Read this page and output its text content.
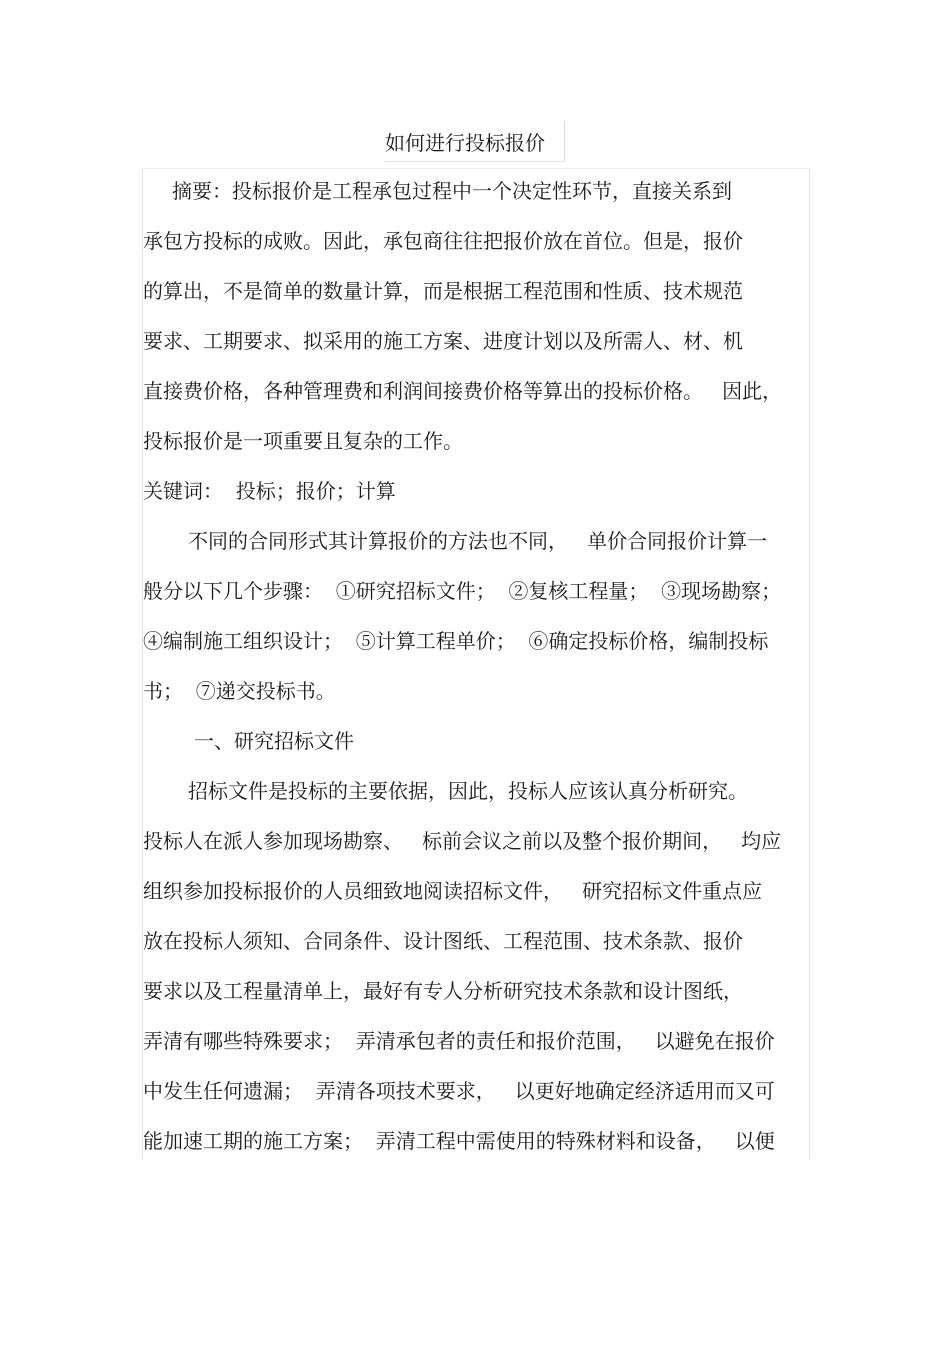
如何进行投标报价
摘要：投标报价是工程承包过程中一个决定性环节，直接关系到
承包方投标的成败。因此，承包商往往把报价放在首位。但是，报价
的算出，不是简单的数量计算，而是根据工程范围和性质、技术规范
要求、工期要求、拟采用的施工方案、进度计划以及所需人、材、机
直接费价格，各种管理费和利润间接费价格等算出的投标价格。   因此，
投标报价是一项重要且复杂的工作。
关键词：  投标；报价；计算
不同的合同形式其计算报价的方法也不同，   单价合同报价计算一
般分以下几个步骤：  ①研究招标文件；  ②复核工程量；  ③现场勘察；
④编制施工组织设计；  ⑤计算工程单价；  ⑥确定投标价格，编制投标
书；  ⑦递交投标书。
一、研究招标文件
招标文件是投标的主要依据，因此，投标人应该认真分析研究。
投标人在派人参加现场勘察、   标前会议之前以及整个报价期间，   均应
组织参加投标报价的人员细致地阅读招标文件，   研究招标文件重点应
放在投标人须知、合同条件、设计图纸、工程范围、技术条款、报价
要求以及工程量清单上，最好有专人分析研究技术条款和设计图纸，
弄清有哪些特殊要求；  弄清承包者的责任和报价范围，   以避免在报价
中发生任何遗漏；  弄清各项技术要求，   以更好地确定经济适用而又可
能加速工期的施工方案；  弄清工程中需使用的特殊材料和设备，   以便
